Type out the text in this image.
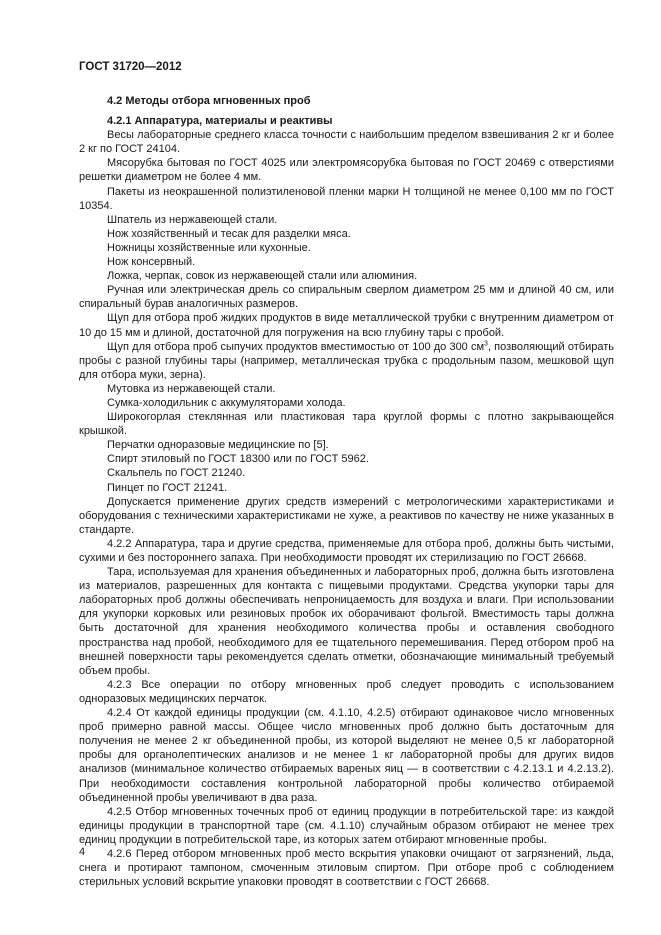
ГОСТ 31720—2012
4.2 Методы отбора мгновенных проб
4.2.1 Аппаратура, материалы и реактивы

Весы лабораторные среднего класса точности с наибольшим пределом взвешивания 2 кг и более 2 кг по ГОСТ 24104.

Мясорубка бытовая по ГОСТ 4025 или электромясорубка бытовая по ГОСТ 20469 с отверстиями решетки диаметром не более 4 мм.

Пакеты из неокрашенной полиэтиленовой пленки марки Н толщиной не менее 0,100 мм по ГОСТ 10354.

Шпатель из нержавеющей стали.

Нож хозяйственный и тесак для разделки мяса.

Ножницы хозяйственные или кухонные.

Нож консервный.

Ложка, черпак, совок из нержавеющей стали или алюминия.

Ручная или электрическая дрель со спиральным сверлом диаметром 25 мм и длиной 40 см, или спиральный бурав аналогичных размеров.

Щуп для отбора проб жидких продуктов в виде металлической трубки с внутренним диаметром от 10 до 15 мм и длиной, достаточной для погружения на всю глубину тары с пробой.

Щуп для отбора проб сыпучих продуктов вместимостью от 100 до 300 $см^3$, позволяющий отбирать пробы с разной глубины тары (например, металлическая трубка с продольным пазом, мешковой щуп для отбора муки, зерна).

Мутовка из нержавеющей стали.

Сумка-холодильник с аккумуляторами холода.

Широкогорлая стеклянная или пластиковая тара круглой формы с плотно закрывающейся крышкой.

Перчатки одноразовые медицинские по [5].

Спирт этиловый по ГОСТ 18300 или по ГОСТ 5962.

Скальпель по ГОСТ 21240.

Пинцет по ГОСТ 21241.

Допускается применение других средств измерений с метрологическими характеристиками и оборудования с техническими характеристиками не хуже, а реактивов по качеству не ниже указанных в стандарте.

4.2.2 Аппаратура, тара и другие средства, применяемые для отбора проб, должны быть чистыми, сухими и без постороннего запаха. При необходимости проводят их стерилизацию по ГОСТ 26668.

Тара, используемая для хранения объединенных и лабораторных проб, должна быть изготовлена из материалов, разрешенных для контакта с пищевыми продуктами. Средства укупорки тары для лабораторных проб должны обеспечивать непроницаемость для воздуха и влаги. При использовании для укупорки корковых или резиновых пробок их оборачивают фольгой. Вместимость тары должна быть достаточной для хранения необходимого количества пробы и оставления свободного пространства над пробой, необходимого для ее тщательного перемешивания. Перед отбором проб на внешней поверхности тары рекомендуется сделать отметки, обозначающие минимальный требуемый объем пробы.

4.2.3 Все операции по отбору мгновенных проб следует проводить с использованием одноразовых медицинских перчаток.

4.2.4 От каждой единицы продукции (см. 4.1.10, 4.2.5) отбирают одинаковое число мгновенных проб примерно равной массы. Общее число мгновенных проб должно быть достаточным для получения не менее 2 кг объединенной пробы, из которой выделяют не менее 0,5 кг лабораторной пробы для органолептических анализов и не менее 1 кг лабораторной пробы для других видов анализов (минимальное количество отбираемых вареных яиц — в соответствии с 4.2.13.1 и 4.2.13.2). При необходимости составления контрольной лабораторной пробы количество отбираемой объединенной пробы увеличивают в два раза.

4.2.5 Отбор мгновенных точечных проб от единиц продукции в потребительской таре: из каждой единицы продукции в транспортной таре (см. 4.1.10) случайным образом отбирают не менее трех единиц продукции в потребительской таре, из которых затем отбирают мгновенные пробы.

4.2.6 Перед отбором мгновенных проб место вскрытия упаковки очищают от загрязнений, льда, снега и протирают тампоном, смоченным этиловым спиртом. При отборе проб с соблюдением стерильных условий вскрытие упаковки проводят в соответствии с ГОСТ 26668.

4
